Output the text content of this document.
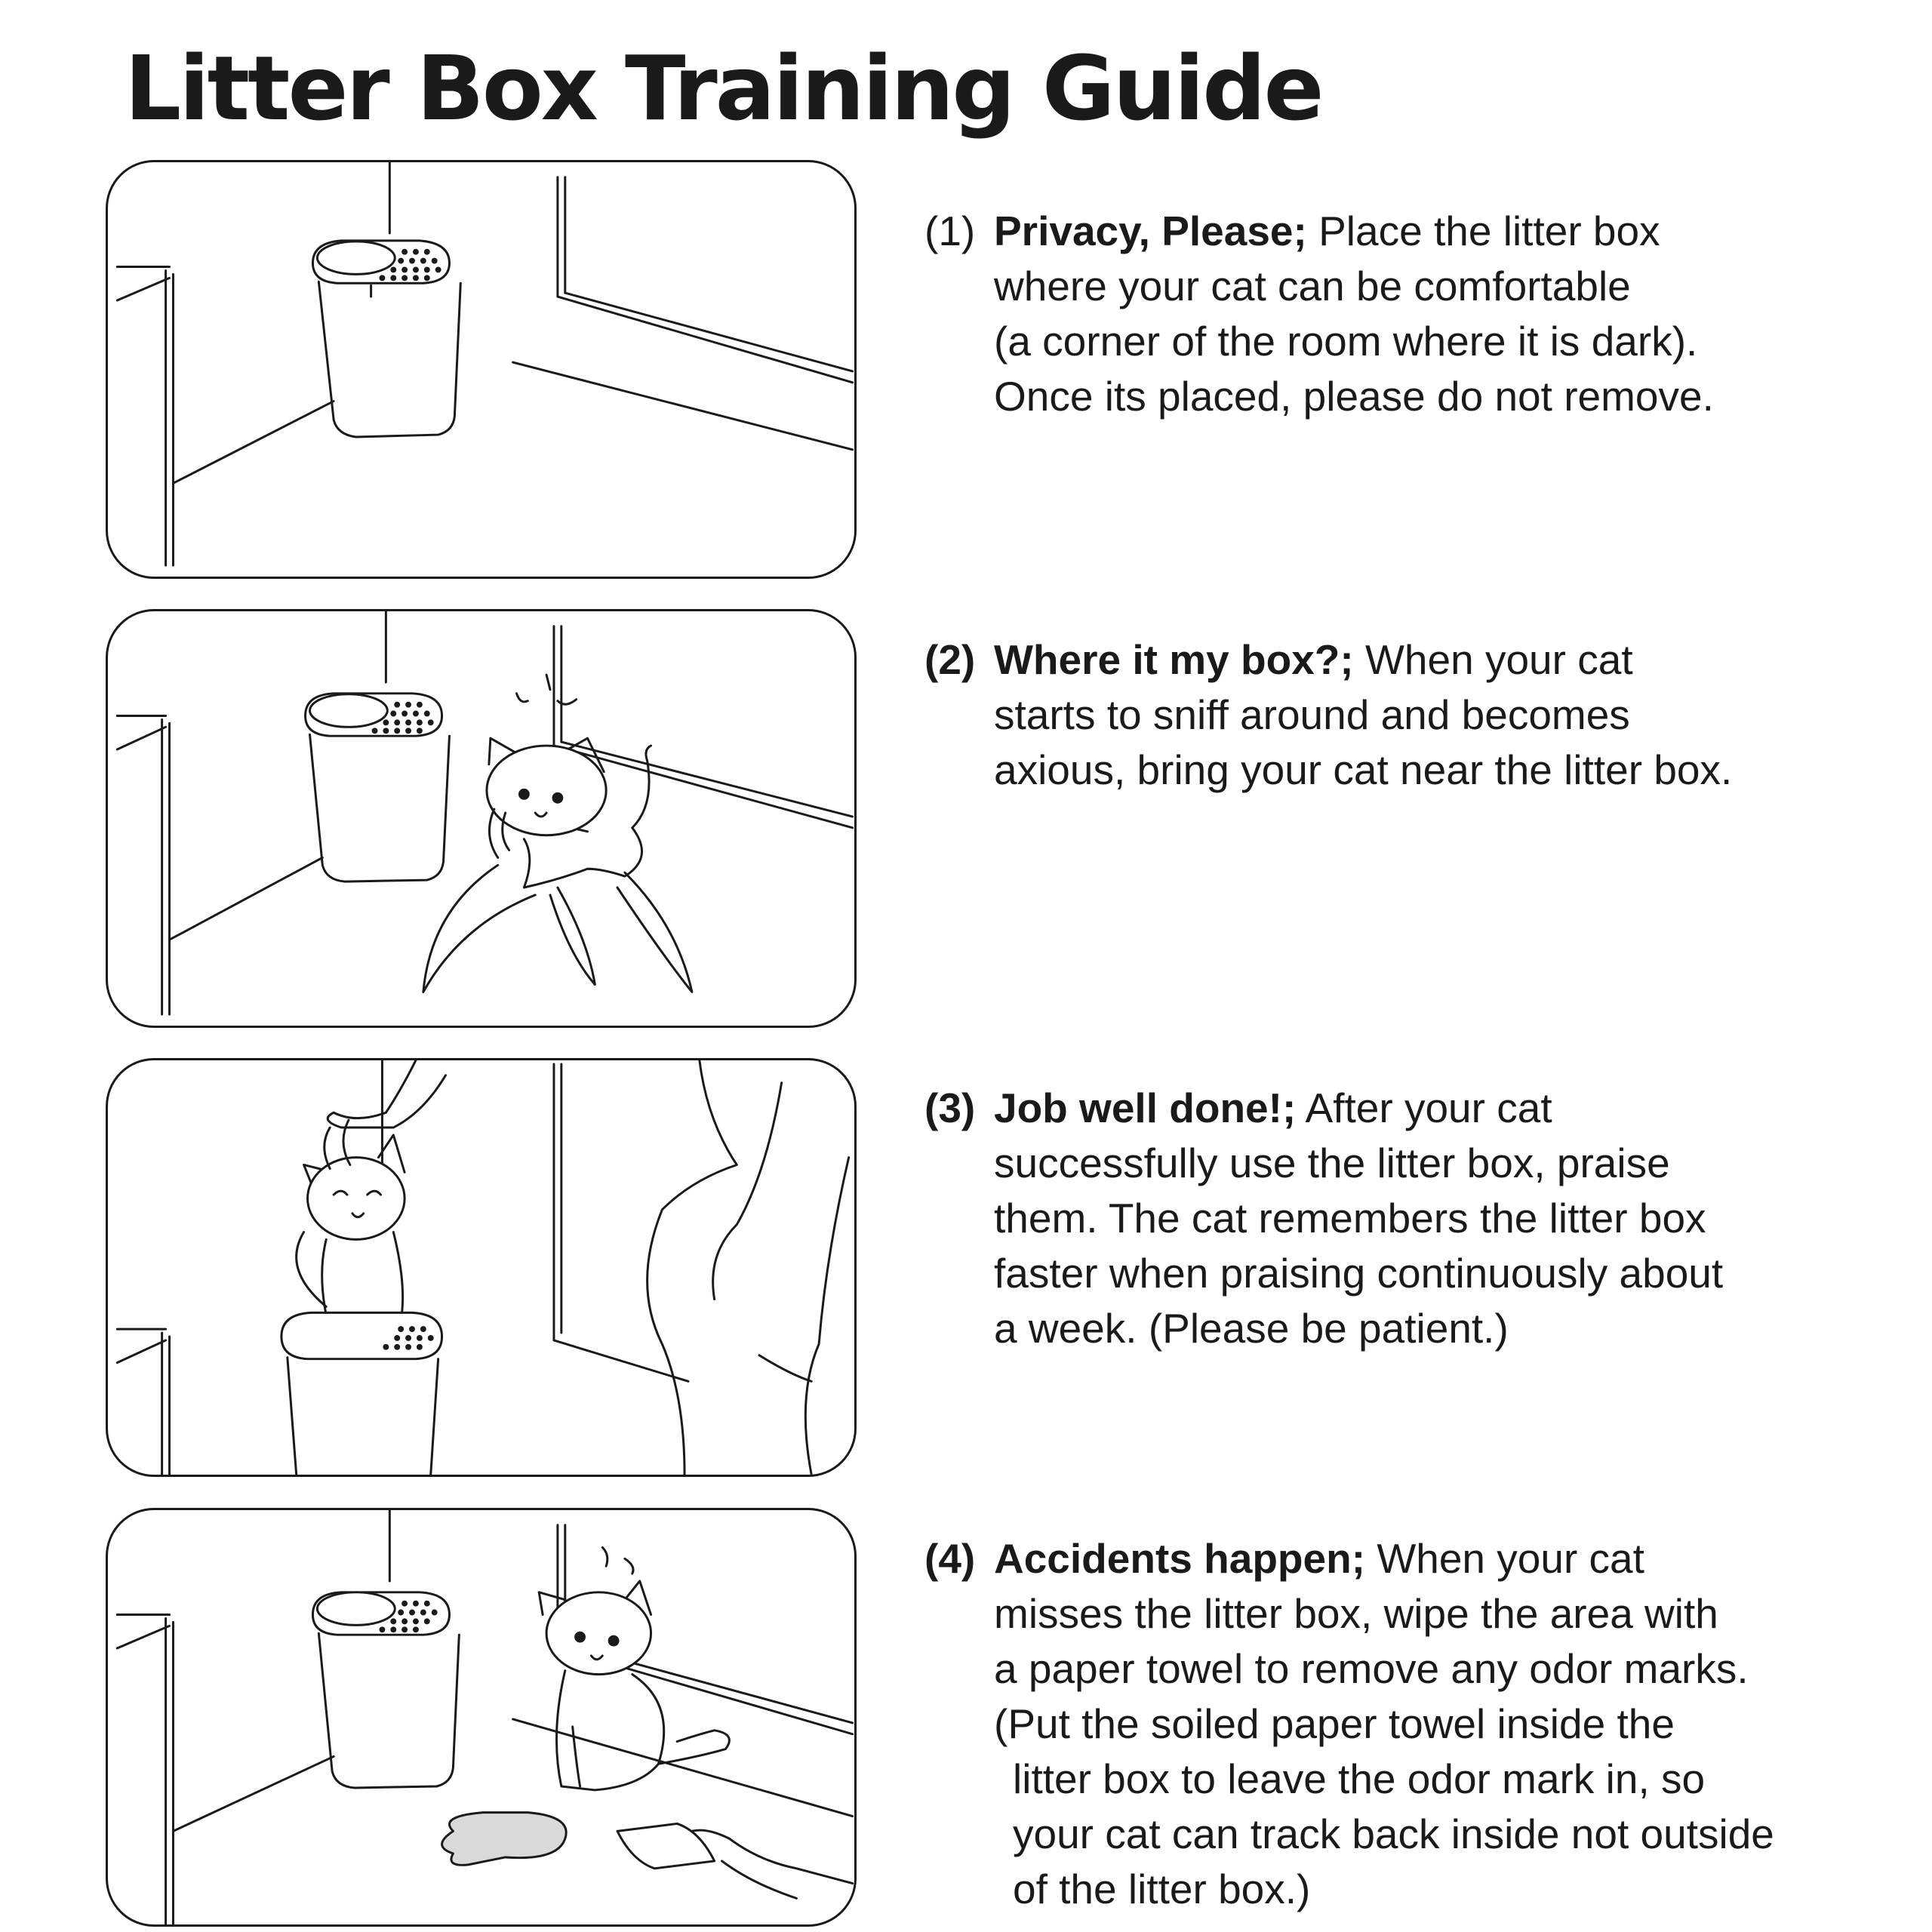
Litter Box Training Guide
(1) Privacy, Please; Place the litter box
where your cat can be comfortable
(a corner of the room where it is dark).
Once its placed, please do not remove.
(2) Where it my box?; When your cat
starts to sniff around and becomes
axious, bring your cat near the litter box.
(3) Job well done!; After your cat
successfully use the litter box, praise
them. The cat remembers the litter box
faster when praising continuously about
a week. (Please be patient.)
(4) Accidents happen; When your cat
misses the litter box, wipe the area with
a paper towel to remove any odor marks.
(Put the soiled paper towel inside the
litter box to leave the odor mark in, so
your cat can track back inside not outside
of the litter box.)
